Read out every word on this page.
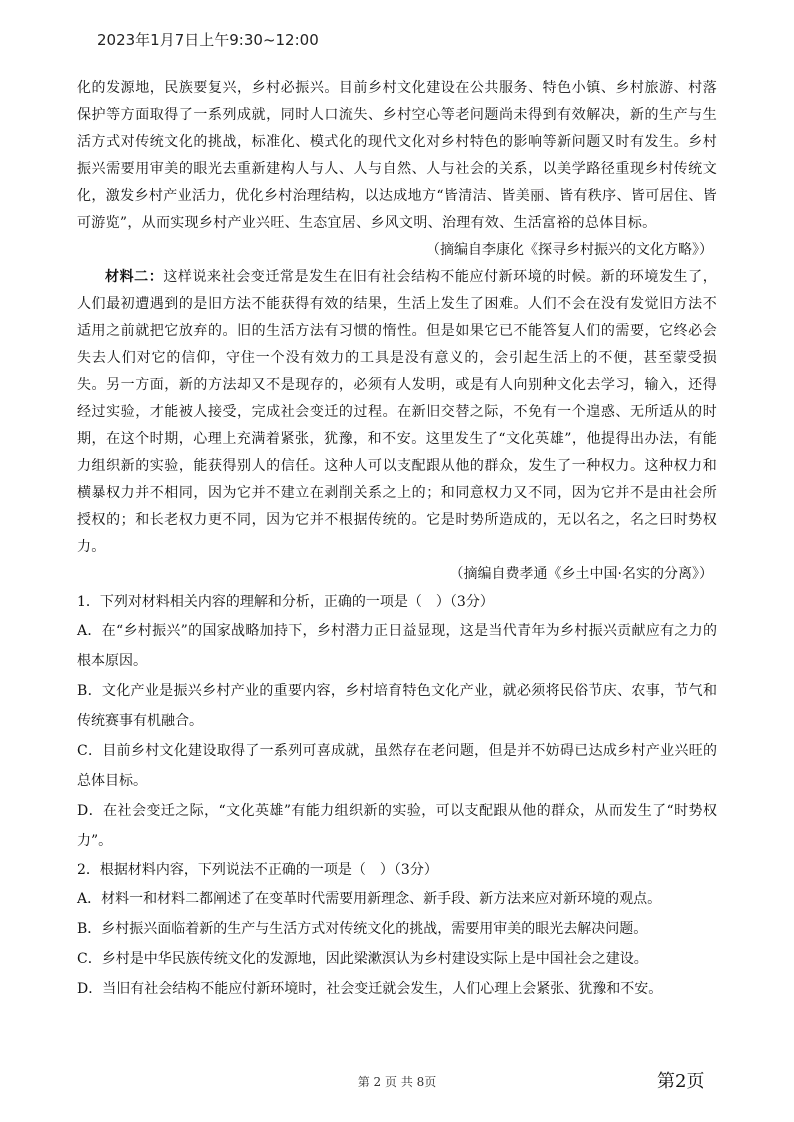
2023年1月7日上午9:30~12:00

化的发源地，民族要复兴，乡村必振兴。目前乡村文化建设在公共服务、特色小镇、乡村旅游、村落保护等方面取得了一系列成就，同时人口流失、乡村空心等老问题尚未得到有效解决，新的生产与生活方式对传统文化的挑战，标准化、模式化的现代文化对乡村特色的影响等新问题又时有发生。乡村振兴需要用审美的眼光去重新建构人与人、人与自然、人与社会的关系，以美学路径重现乡村传统文化，激发乡村产业活力，优化乡村治理结构，以达成地方“皆清洁、皆美丽、皆有秩序、皆可居住、皆可游览”，从而实现乡村产业兴旺、生态宜居、乡风文明、治理有效、生活富裕的总体目标。

（摘编自李康化《探寻乡村振兴的文化方略》）

材料二：这样说来社会变迁常是发生在旧有社会结构不能应付新环境的时候。新的环境发生了，人们最初遭遇到的是旧方法不能获得有效的结果，生活上发生了困难。人们不会在没有发觉旧方法不适用之前就把它放弃的。旧的生活方法有习惯的惰性。但是如果它已不能答复人们的需要，它终必会失去人们对它的信仰，守住一个没有效力的工具是没有意义的，会引起生活上的不便，甚至蒙受损失。另一方面，新的方法却又不是现存的，必须有人发明，或是有人向别种文化去学习，输入，还得经过实验，才能被人接受，完成社会变迁的过程。在新旧交替之际，不免有一个遑惑、无所适从的时期，在这个时期，心理上充满着紧张，犹豫，和不安。这里发生了“文化英雄”，他提得出办法，有能力组织新的实验，能获得别人的信任。这种人可以支配跟从他的群众，发生了一种权力。这种权力和横暴权力并不相同，因为它并不建立在剥削关系之上的；和同意权力又不同，因为它并不是由社会所授权的；和长老权力更不同，因为它并不根据传统的。它是时势所造成的，无以名之，名之曰时势权力。

（摘编自费孝通《乡土中国·名实的分离》）

1．下列对材料相关内容的理解和分析，正确的一项是（　）（3分）

A．在“乡村振兴”的国家战略加持下，乡村潜力正日益显现，这是当代青年为乡村振兴贡献应有之力的根本原因。

B．文化产业是振兴乡村产业的重要内容，乡村培育特色文化产业，就必须将民俗节庆、农事，节气和传统赛事有机融合。

C．目前乡村文化建设取得了一系列可喜成就，虽然存在老问题，但是并不妨碍已达成乡村产业兴旺的总体目标。

D．在社会变迁之际，“文化英雄”有能力组织新的实验，可以支配跟从他的群众，从而发生了“时势权力”。

2．根据材料内容，下列说法不正确的一项是（　）（3分）

A．材料一和材料二都阐述了在变革时代需要用新理念、新手段、新方法来应对新环境的观点。

B．乡村振兴面临着新的生产与生活方式对传统文化的挑战，需要用审美的眼光去解决问题。

C．乡村是中华民族传统文化的发源地，因此梁漱溟认为乡村建设实际上是中国社会之建设。

D．当旧有社会结构不能应付新环境时，社会变迁就会发生，人们心理上会紧张、犹豫和不安。

第 2 页 共 8页	第2页
